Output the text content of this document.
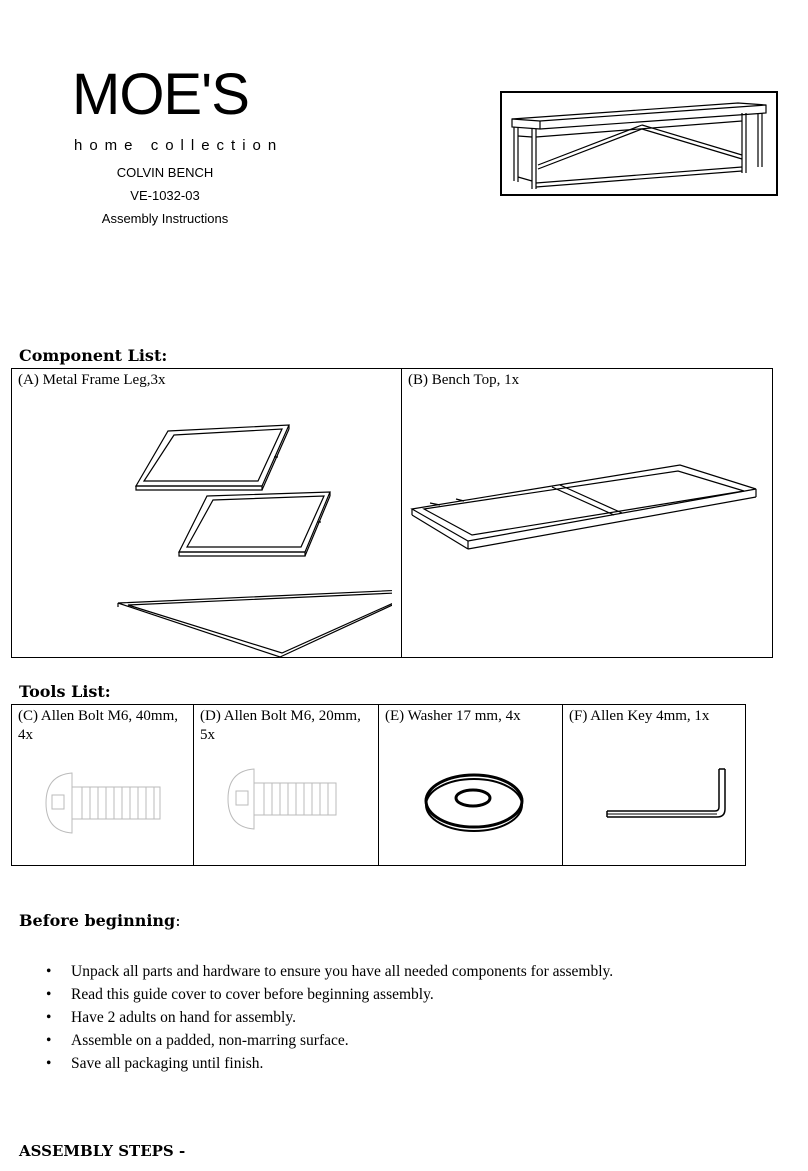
MOE'S
home collection
COLVIN BENCH
VE-1032-03
Assembly Instructions
Component List:
(A) Metal Frame Leg,3x	(B) Bench Top, 1x
Tools List:
(C) Allen Bolt M6, 40mm, 4x
(D) Allen Bolt M6, 20mm, 5x
(E) Washer 17 mm, 4x	(F) Allen Key 4mm, 1x
Before beginning:
• Unpack all parts and hardware to ensure you have all needed components for assembly.
• Read this guide cover to cover before beginning assembly.
• Have 2 adults on hand for assembly.
• Assemble on a padded, non-marring surface.
• Save all packaging until finish.
ASSEMBLY STEPS -
